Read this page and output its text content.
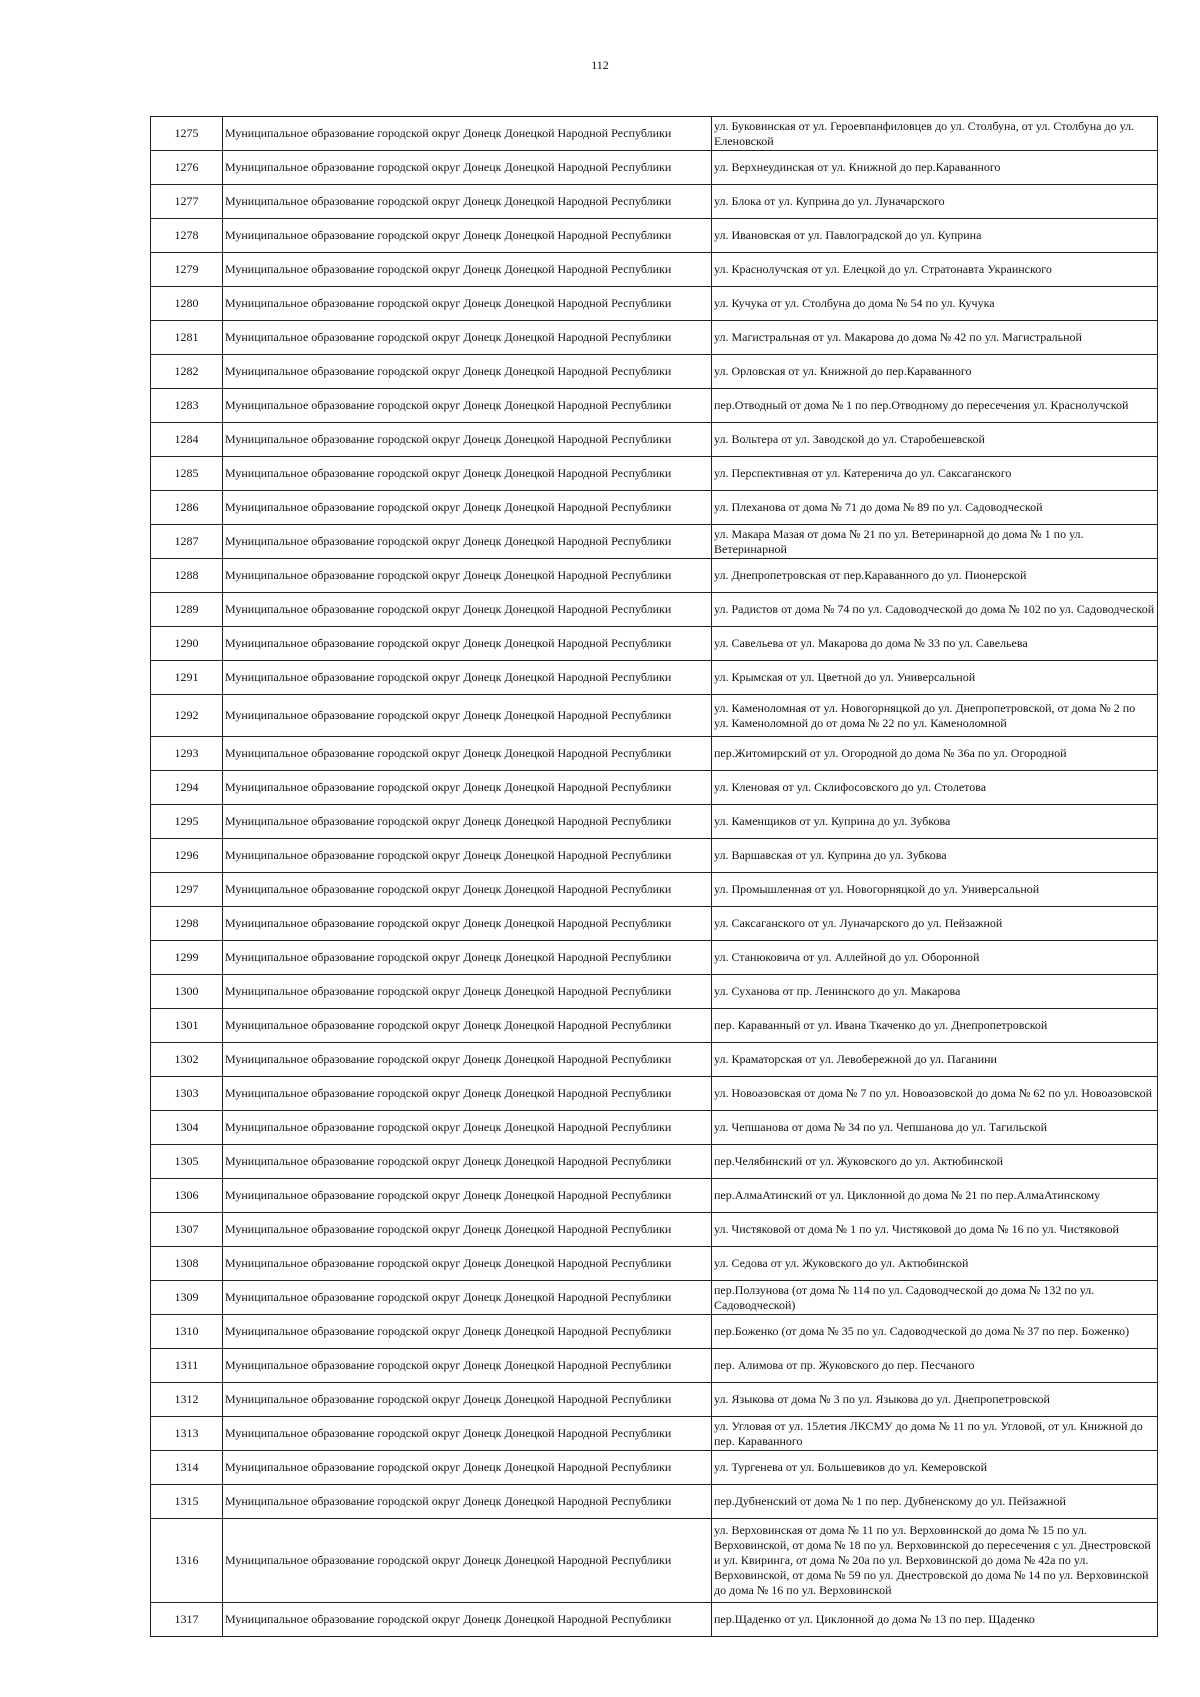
112
1275	Муниципальное образование городской округ Донецк Донецкой Народной Республики	ул. Буковинская от ул. Героевпанфиловцев до ул. Столбуна, от ул. Столбуна до ул. Еленовской
1276	Муниципальное образование городской округ Донецк Донецкой Народной Республики	ул. Верхнеудинская от ул. Книжной до пер.Караванного
1277	Муниципальное образование городской округ Донецк Донецкой Народной Республики	ул. Блока от ул. Куприна до ул. Луначарского
1278	Муниципальное образование городской округ Донецк Донецкой Народной Республики	ул. Ивановская от ул. Павлоградской до ул. Куприна
1279	Муниципальное образование городской округ Донецк Донецкой Народной Республики	ул. Краснолучская от ул. Елецкой до ул. Стратонавта Украинского
1280	Муниципальное образование городской округ Донецк Донецкой Народной Республики	ул. Кучука от ул. Столбуна до дома № 54 по ул. Кучука
1281	Муниципальное образование городской округ Донецк Донецкой Народной Республики	ул. Магистральная от ул. Макарова до дома № 42 по ул. Магистральной
1282	Муниципальное образование городской округ Донецк Донецкой Народной Республики	ул. Орловская от ул. Книжной до пер.Караванного
1283	Муниципальное образование городской округ Донецк Донецкой Народной Республики	пер.Отводный от дома № 1 по пер.Отводному до пересечения ул. Краснолучской
1284	Муниципальное образование городской округ Донецк Донецкой Народной Республики	ул. Вольтера от ул. Заводской до ул. Старобешевской
1285	Муниципальное образование городской округ Донецк Донецкой Народной Республики	ул. Перспективная от ул. Катеренича до ул. Саксаганского
1286	Муниципальное образование городской округ Донецк Донецкой Народной Республики	ул. Плеханова от дома № 71 до дома № 89 по ул. Садоводческой
1287	Муниципальное образование городской округ Донецк Донецкой Народной Республики	ул. Макара Мазая от дома № 21 по ул. Ветеринарной до дома № 1 по ул. Ветеринарной
1288	Муниципальное образование городской округ Донецк Донецкой Народной Республики	ул. Днепропетровская от пер.Караванного до ул. Пионерской
1289	Муниципальное образование городской округ Донецк Донецкой Народной Республики	ул. Радистов от дома № 74 по ул. Садоводческой до дома № 102 по ул. Садоводческой
1290	Муниципальное образование городской округ Донецк Донецкой Народной Республики	ул. Савельева от ул. Макарова до дома № 33 по ул. Савельева
1291	Муниципальное образование городской округ Донецк Донецкой Народной Республики	ул. Крымская от ул. Цветной до ул. Универсальной
1292	Муниципальное образование городской округ Донецк Донецкой Народной Республики	ул. Каменоломная от ул. Новогорняцкой до ул. Днепропетровской, от дома № 2 по
ул. Каменоломной до от дома № 22 по ул. Каменоломной
1293	Муниципальное образование городской округ Донецк Донецкой Народной Республики	пер.Житомирский от ул. Огородной до дома № 36а по ул. Огородной
1294	Муниципальное образование городской округ Донецк Донецкой Народной Республики	ул. Кленовая от ул. Склифосовского до ул. Столетова
1295	Муниципальное образование городской округ Донецк Донецкой Народной Республики	ул. Каменщиков от ул. Куприна до ул. Зубкова
1296	Муниципальное образование городской округ Донецк Донецкой Народной Республики	ул. Варшавская от ул. Куприна до ул. Зубкова
1297	Муниципальное образование городской округ Донецк Донецкой Народной Республики	ул. Промышленная от ул. Новогорняцкой до ул. Универсальной
1298	Муниципальное образование городской округ Донецк Донецкой Народной Республики	ул. Саксаганского от ул. Луначарского до ул. Пейзажной
1299	Муниципальное образование городской округ Донецк Донецкой Народной Республики	ул. Станюковича от ул. Аллейной до ул. Оборонной
1300	Муниципальное образование городской округ Донецк Донецкой Народной Республики	ул. Суханова от пр. Ленинского до ул. Макарова
1301	Муниципальное образование городской округ Донецк Донецкой Народной Республики	пер. Караванный от ул. Ивана Ткаченко до ул. Днепропетровской
1302	Муниципальное образование городской округ Донецк Донецкой Народной Республики	ул. Краматорская от ул. Левобережной до ул. Паганини
1303	Муниципальное образование городской округ Донецк Донецкой Народной Республики	ул. Новоазовская от дома № 7 по ул. Новоазовской до дома № 62 по ул. Новоазовской
1304	Муниципальное образование городской округ Донецк Донецкой Народной Республики	ул. Чепшанова от дома № 34 по ул. Чепшанова до ул. Тагильской
1305	Муниципальное образование городской округ Донецк Донецкой Народной Республики	пер.Челябинский от ул. Жуковского до ул. Актюбинской
1306	Муниципальное образование городской округ Донецк Донецкой Народной Республики	пер.АлмаАтинский от ул. Циклонной до дома № 21 по пер.АлмаАтинскому
1307	Муниципальное образование городской округ Донецк Донецкой Народной Республики	ул. Чистяковой от дома № 1 по ул. Чистяковой до дома № 16 по ул. Чистяковой
1308	Муниципальное образование городской округ Донецк Донецкой Народной Республики	ул. Седова от ул. Жуковского до ул. Актюбинской
1309	Муниципальное образование городской округ Донецк Донецкой Народной Республики	пер.Ползунова (от дома № 114 по ул. Садоводческой до дома № 132 по ул. Садоводческой)
1310	Муниципальное образование городской округ Донецк Донецкой Народной Республики	пер.Боженко (от дома № 35 по ул. Садоводческой до дома № 37 по пер. Боженко)
1311	Муниципальное образование городской округ Донецк Донецкой Народной Республики	пер. Алимова от пр. Жуковского до пер. Песчаного
1312	Муниципальное образование городской округ Донецк Донецкой Народной Республики	ул. Языкова от дома № 3 по ул. Языкова до ул. Днепропетровской
1313	Муниципальное образование городской округ Донецк Донецкой Народной Республики	ул. Угловая от ул. 15летия ЛКСМУ до дома № 11 по ул. Угловой, от ул. Книжной до пер. Караванного
1314	Муниципальное образование городской округ Донецк Донецкой Народной Республики	ул. Тургенева от ул. Большевиков до ул. Кемеровской
1315	Муниципальное образование городской округ Донецк Донецкой Народной Республики	пер.Дубненский от дома № 1 по пер. Дубненскому до ул. Пейзажной
1316	Муниципальное образование городской округ Донецк Донецкой Народной Республики	ул. Верховинская от дома № 11 по ул. Верховинской до дома № 15 по ул. Верховинской, от дома № 18 по ул. Верховинской до пересечения с ул. Днестровской и ул. Квиринга, от дома № 20а по ул. Верховинской до дома № 42а по ул. Верховинской, от дома № 59 по ул. Днестровской до дома № 14 по ул. Верховинской до дома № 16 по ул. Верховинской
1317	Муниципальное образование городской округ Донецк Донецкой Народной Республики	пер.Щаденко от ул. Циклонной до дома № 13 по пер. Щаденко
